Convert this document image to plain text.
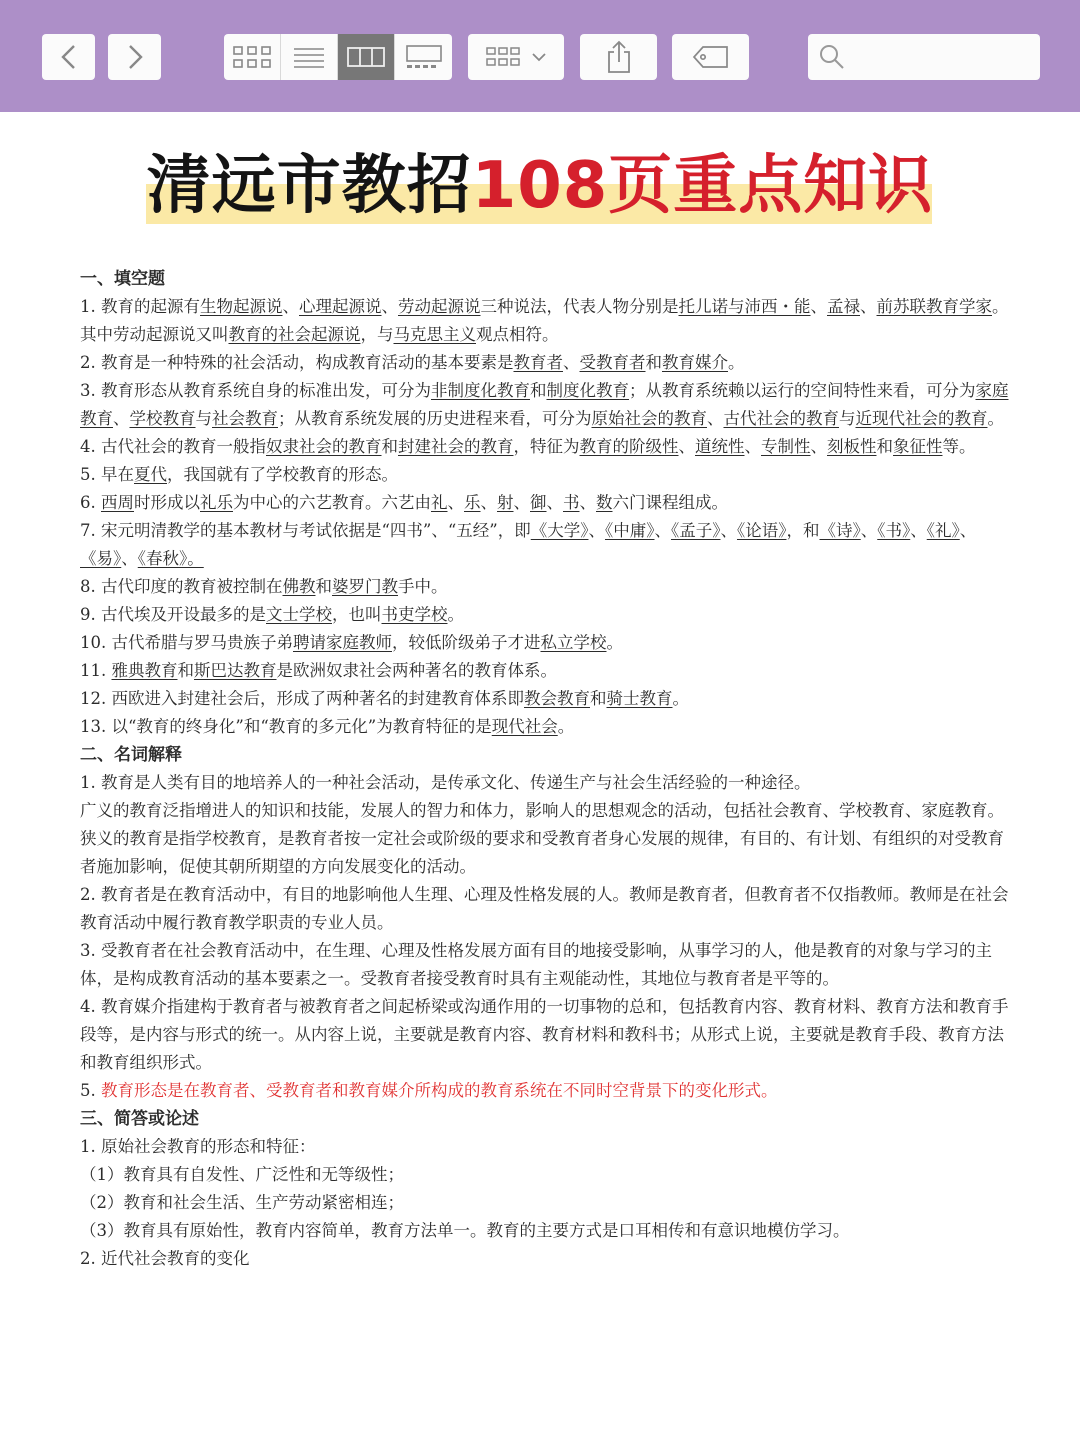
清远市教招108页重点知识

一、填空题

1. 教育的起源有生物起源说、心理起源说、劳动起源说三种说法，代表人物分别是托儿诺与沛西・能、孟禄、前苏联教育学家。其中劳动起源说又叫教育的社会起源说，与马克思主义观点相符。

2. 教育是一种特殊的社会活动，构成教育活动的基本要素是教育者、受教育者和教育媒介。

3. 教育形态从教育系统自身的标准出发，可分为非制度化教育和制度化教育；从教育系统赖以运行的空间特性来看，可分为家庭教育、学校教育与社会教育；从教育系统发展的历史进程来看，可分为原始社会的教育、古代社会的教育与近现代社会的教育。

4. 古代社会的教育一般指奴隶社会的教育和封建社会的教育，特征为教育的阶级性、道统性、专制性、刻板性和象征性等。

5. 早在夏代，我国就有了学校教育的形态。

6. 西周时形成以礼乐为中心的六艺教育。六艺由礼、乐、射、御、书、数六门课程组成。

7. 宋元明清教学的基本教材与考试依据是“四书”、“五经”，即《大学》、《中庸》、《孟子》、《论语》，和《诗》、《书》、《礼》、《易》、《春秋》。

8. 古代印度的教育被控制在佛教和婆罗门教手中。

9. 古代埃及开设最多的是文士学校，也叫书吏学校。

10. 古代希腊与罗马贵族子弟聘请家庭教师，较低阶级弟子才进私立学校。

11. 雅典教育和斯巴达教育是欧洲奴隶社会两种著名的教育体系。

12. 西欧进入封建社会后，形成了两种著名的封建教育体系即教会教育和骑士教育。

13. 以“教育的终身化”和“教育的多元化”为教育特征的是现代社会。

二、名词解释

1. 教育是人类有目的地培养人的一种社会活动，是传承文化、传递生产与社会生活经验的一种途径。

广义的教育泛指增进人的知识和技能，发展人的智力和体力，影响人的思想观念的活动，包括社会教育、学校教育、家庭教育。

狭义的教育是指学校教育，是教育者按一定社会或阶级的要求和受教育者身心发展的规律，有目的、有计划、有组织的对受教育者施加影响，促使其朝所期望的方向发展变化的活动。

2. 教育者是在教育活动中，有目的地影响他人生理、心理及性格发展的人。教师是教育者，但教育者不仅指教师。教师是在社会教育活动中履行教育教学职责的专业人员。

3. 受教育者在社会教育活动中，在生理、心理及性格发展方面有目的地接受影响，从事学习的人，他是教育的对象与学习的主体，是构成教育活动的基本要素之一。受教育者接受教育时具有主观能动性，其地位与教育者是平等的。

4. 教育媒介指建构于教育者与被教育者之间起桥梁或沟通作用的一切事物的总和，包括教育内容、教育材料、教育方法和教育手段等，是内容与形式的统一。从内容上说，主要就是教育内容、教育材料和教科书；从形式上说，主要就是教育手段、教育方法和教育组织形式。

5. 教育形态是在教育者、受教育者和教育媒介所构成的教育系统在不同时空背景下的变化形式。

三、简答或论述

1. 原始社会教育的形态和特征：

（1）教育具有自发性、广泛性和无等级性；

（2）教育和社会生活、生产劳动紧密相连；

（3）教育具有原始性，教育内容简单，教育方法单一。教育的主要方式是口耳相传和有意识地模仿学习。

2. 近代社会教育的变化
